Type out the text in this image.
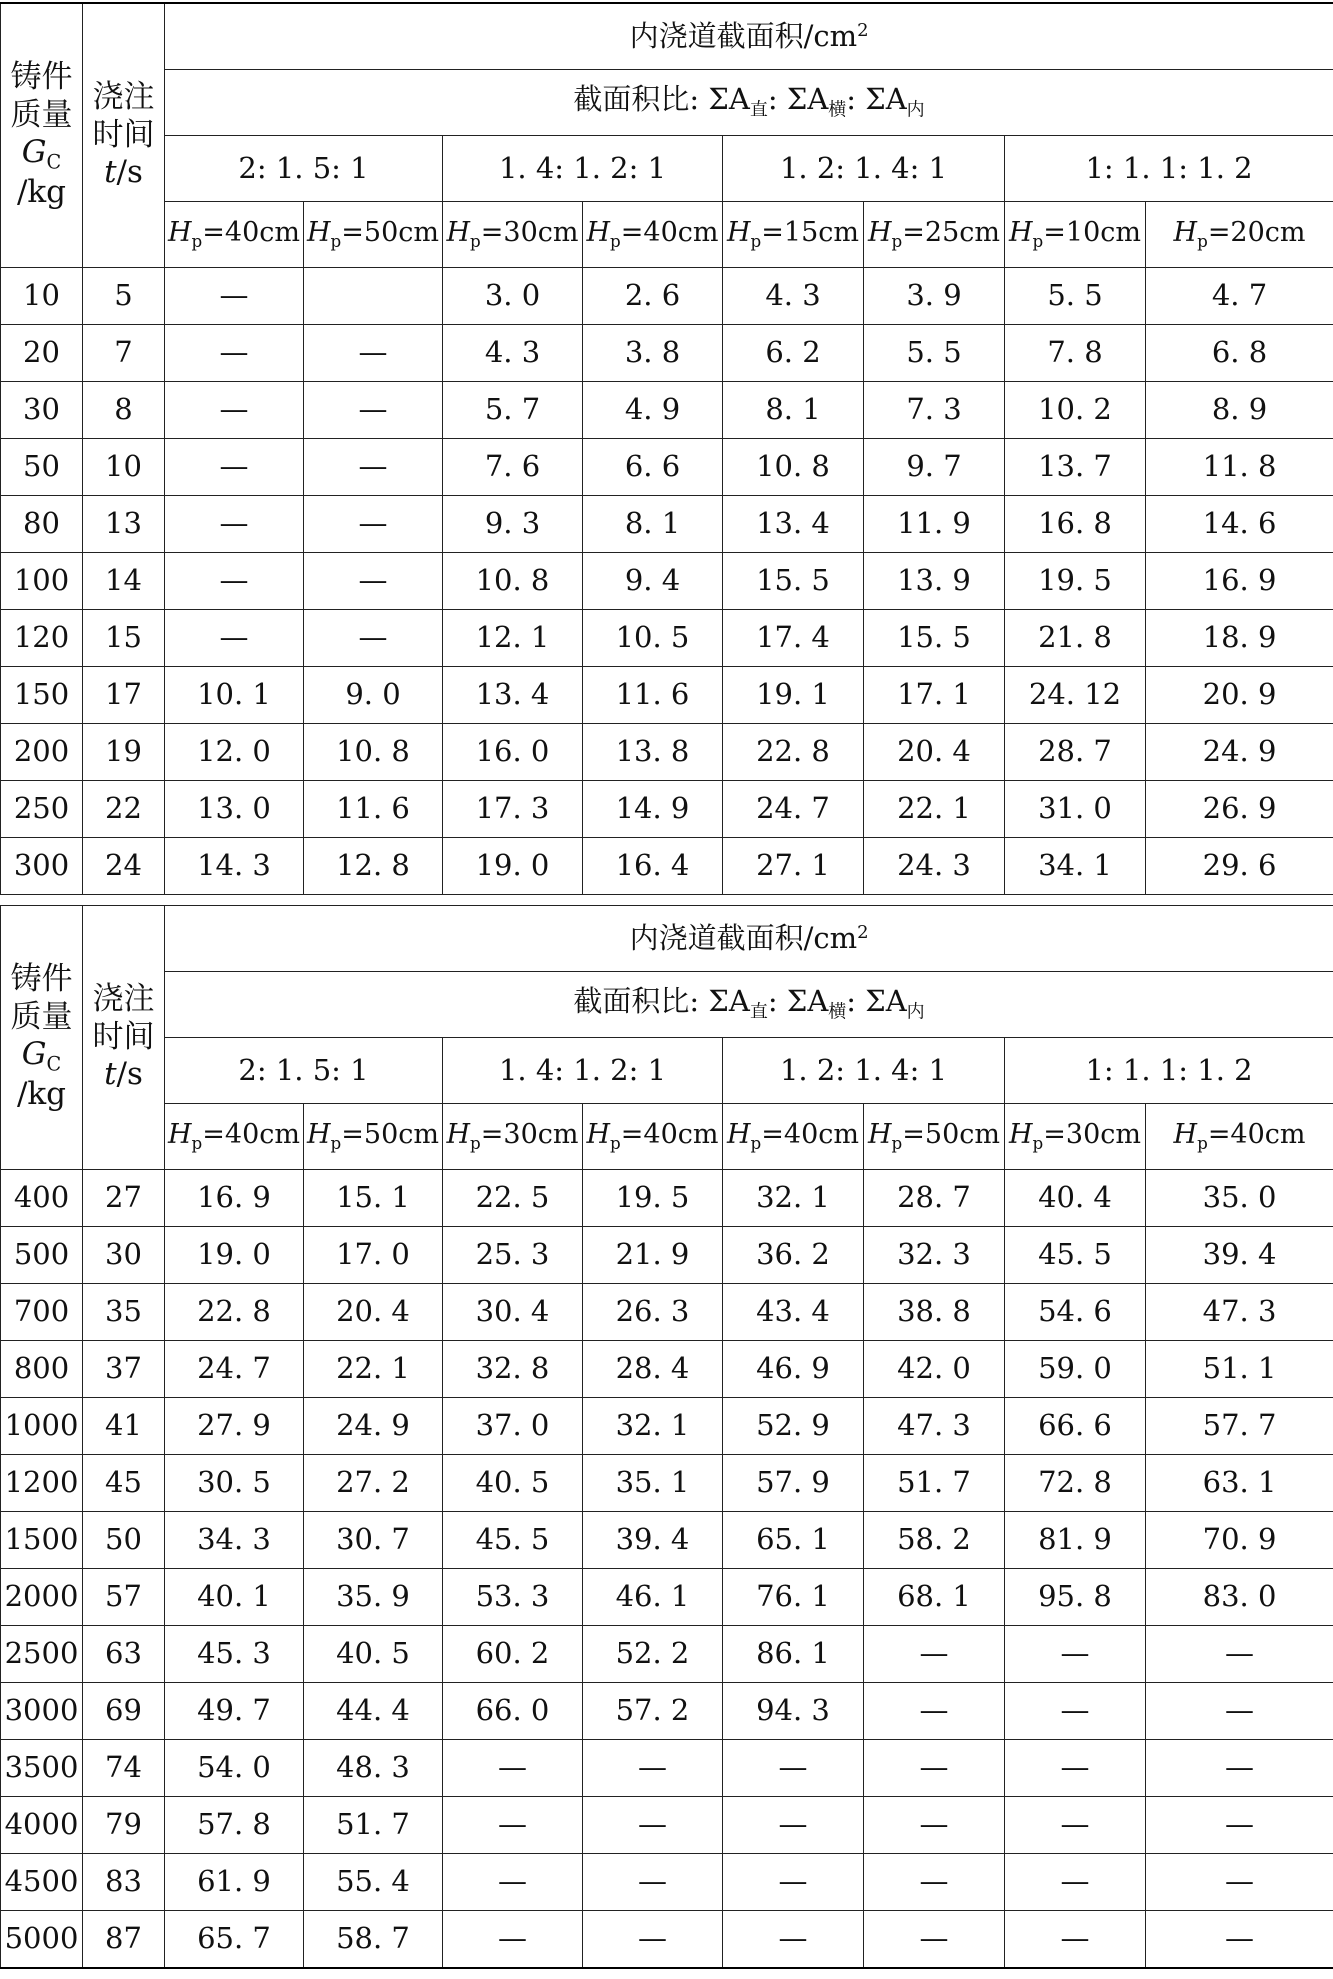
铸件
质量
$G_C$
/kg	浇注
时间
t/s	内浇道截面积$/cm^2$
		截面积比: $\Sigma A_直$: $\Sigma A_横$: $\Sigma A_内$
		2: 1. 5: 1		1. 4: 1. 2: 1		1. 2: 1. 4: 1		1: 1. 1: 1. 2	
		$H_p=40cm$	$H_p=50cm$	$H_p=30cm$	$H_p=40cm$	$H_p=15cm$	$H_p=25cm$	$H_p=10cm$	$H_p=20cm$
10	5	—		3. 0	2. 6	4. 3	3. 9	5. 5	4. 7
20	7	—	—	4. 3	3. 8	6. 2	5. 5	7. 8	6. 8
30	8	—	—	5. 7	4. 9	8. 1	7. 3	10. 2	8. 9
50	10	—	—	7. 6	6. 6	10. 8	9. 7	13. 7	11. 8
80	13	—	—	9. 3	8. 1	13. 4	11. 9	16. 8	14. 6
100	14	—	—	10. 8	9. 4	15. 5	13. 9	19. 5	16. 9
120	15	—	—	12. 1	10. 5	17. 4	15. 5	21. 8	18. 9
150	17	10. 1	9. 0	13. 4	11. 6	19. 1	17. 1	24. 12	20. 9
200	19	12. 0	10. 8	16. 0	13. 8	22. 8	20. 4	28. 7	24. 9
250	22	13. 0	11. 6	17. 3	14. 9	24. 7	22. 1	31. 0	26. 9
300	24	14. 3	12. 8	19. 0	16. 4	27. 1	24. 3	34. 1	29. 6
铸件
质量
$G_C$
/kg	浇注
时间
t/s	内浇道截面积$/cm^2$
		截面积比: $\Sigma A_直$: $\Sigma A_横$: $\Sigma A_内$
		2: 1. 5: 1		1. 4: 1. 2: 1		1. 2: 1. 4: 1		1: 1. 1: 1. 2	
		$H_p=40cm$	$H_p=50cm$	$H_p=30cm$	$H_p=40cm$	$H_p=40cm$	$H_p=50cm$	$H_p=30cm$	$H_p=40cm$
400	27	16. 9	15. 1	22. 5	19. 5	32. 1	28. 7	40. 4	35. 0
500	30	19. 0	17. 0	25. 3	21. 9	36. 2	32. 3	45. 5	39. 4
700	35	22. 8	20. 4	30. 4	26. 3	43. 4	38. 8	54. 6	47. 3
800	37	24. 7	22. 1	32. 8	28. 4	46. 9	42. 0	59. 0	51. 1
1000	41	27. 9	24. 9	37. 0	32. 1	52. 9	47. 3	66. 6	57. 7
1200	45	30. 5	27. 2	40. 5	35. 1	57. 9	51. 7	72. 8	63. 1
1500	50	34. 3	30. 7	45. 5	39. 4	65. 1	58. 2	81. 9	70. 9
2000	57	40. 1	35. 9	53. 3	46. 1	76. 1	68. 1	95. 8	83. 0
2500	63	45. 3	40. 5	60. 2	52. 2	86. 1	—	—	—
3000	69	49. 7	44. 4	66. 0	57. 2	94. 3	—	—	—
3500	74	54. 0	48. 3	—	—	—	—	—	—
4000	79	57. 8	51. 7	—	—	—	—	—	—
4500	83	61. 9	55. 4	—	—	—	—	—	—
5000	87	65. 7	58. 7	—	—	—	—	—	—
